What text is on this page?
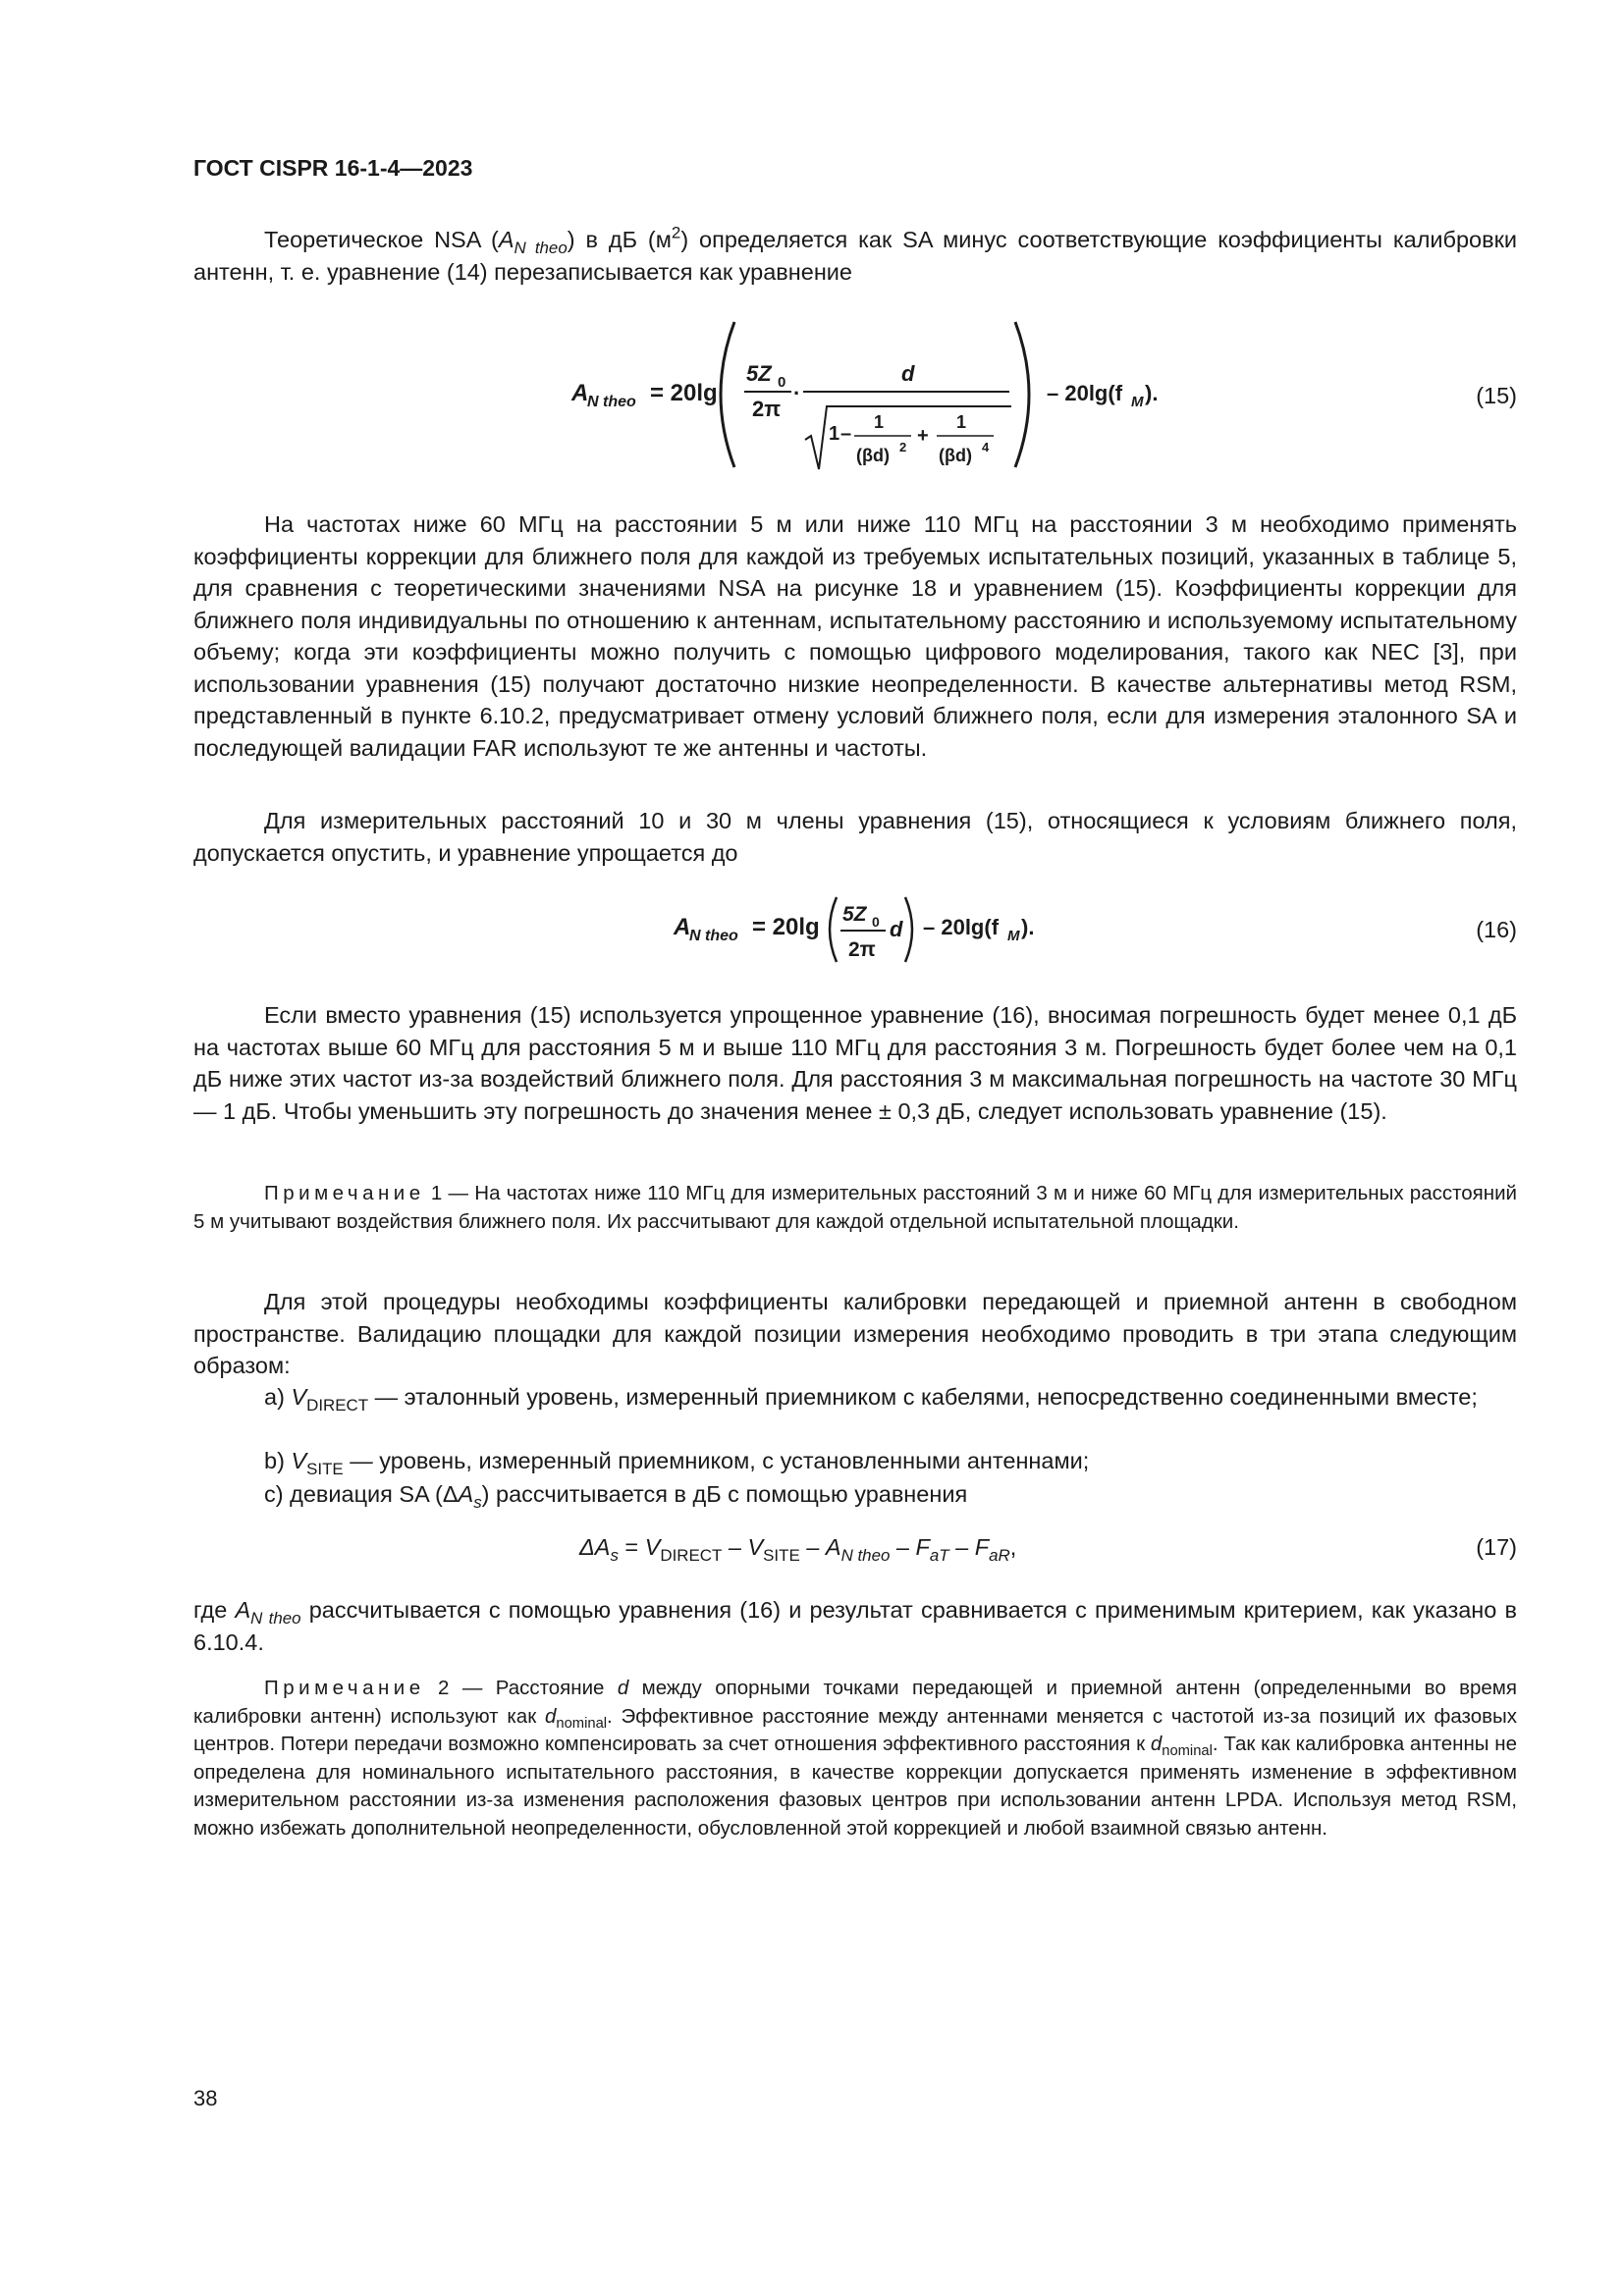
ГОСТ CISPR 16-1-4—2023
Теоретическое NSA $(A_{N theo})$ в дБ $(м^2)$ определяется как SA минус соответствующие коэффициенты калибровки антенн, т. е. уравнение (14) перезаписывается как уравнение
A
N theo = 20lg
5Z 0
2π
·
d
1 –
1
(βd) 2
+
1
(βd) 4
– 20lg(f M ).	(15)
На частотах ниже 60 МГц на расстоянии 5 м или ниже 110 МГц на расстоянии 3 м необходимо применять коэффициенты коррекции для ближнего поля для каждой из требуемых испытательных позиций, указанных в таблице 5, для сравнения с теоретическими значениями NSA на рисунке 18 и уравнением (15). Коэффициенты коррекции для ближнего поля индивидуальны по отношению к антеннам, испытательному расстоянию и используемому испытательному объему; когда эти коэффициенты можно получить с помощью цифрового моделирования, такого как NEC [3], при использовании уравнения (15) получают достаточно низкие неопределенности. В качестве альтернативы метод RSM, представленный в пункте 6.10.2, предусматривает отмену условий ближнего поля, если для измерения эталонного SA и последующей валидации FAR используют те же антенны и частоты.
Для измерительных расстояний 10 и 30 м члены уравнения (15), относящиеся к условиям ближнего поля, допускается опустить, и уравнение упрощается до
A
N theo = 20lg 5Z 0
2π
d – 20lg(f M ).	(16)
Если вместо уравнения (15) используется упрощенное уравнение (16), вносимая погрешность будет менее 0,1 дБ на частотах выше 60 МГц для расстояния 5 м и выше 110 МГц для расстояния 3 м. Погрешность будет более чем на 0,1 дБ ниже этих частот из-за воздействий ближнего поля. Для расстояния 3 м максимальная погрешность на частоте 30 МГц — 1 дБ. Чтобы уменьшить эту погрешность до значения менее ± 0,3 дБ, следует использовать уравнение (15).
Примечание 1 — На частотах ниже 110 МГц для измерительных расстояний 3 м и ниже 60 МГц для измерительных расстояний 5 м учитывают воздействия ближнего поля. Их рассчитывают для каждой отдельной испытательной площадки.
Для этой процедуры необходимы коэффициенты калибровки передающей и приемной антенн в свободном пространстве. Валидацию площадки для каждой позиции измерения необходимо проводить в три этапа следующим образом:
a) $V_{DIRECT}$ — эталонный уровень, измеренный приемником с кабелями, непосредственно соединенными вместе;
b) $V_{SITE}$ — уровень, измеренный приемником, с установленными антеннами;
c) девиация SA $(\Delta A_s)$ рассчитывается в дБ с помощью уравнения
$\Delta A_s = V_{DIRECT} - V_{SITE} - A_{N theo} - F_{aT} - F_{aR}$,	(17)
где $A_{N theo}$ рассчитывается с помощью уравнения (16) и результат сравнивается с применимым критерием, как указано в 6.10.4.
Примечание 2 — Расстояние d между опорными точками передающей и приемной антенн (определенными во время калибровки антенн) используют как $d_{nominal}$. Эффективное расстояние между антеннами меняется с частотой из-за позиций их фазовых центров. Потери передачи возможно компенсировать за счет отношения эффективного расстояния к $d_{nominal}$. Так как калибровка антенны не определена для номинального испытательного расстояния, в качестве коррекции допускается применять изменение в эффективном измерительном расстоянии из-за изменения расположения фазовых центров при использовании антенн LPDA. Используя метод RSM, можно избежать дополнительной неопределенности, обусловленной этой коррекцией и любой взаимной связью антенн.
38
